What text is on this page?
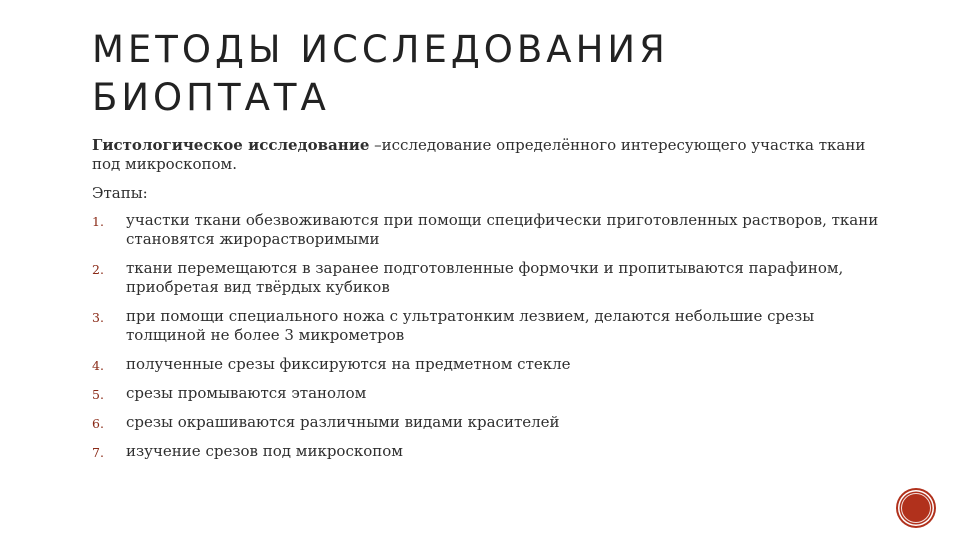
МЕТОДЫ ИССЛЕДОВАНИЯ
БИОПТАТА

Гистологическое исследование –исследование определённого интересующего участка ткани под микроскопом.

Этапы:

1. участки ткани обезвоживаются при помощи специфически приготовленных растворов, ткани становятся жирорастворимыми
2. ткани перемещаются в заранее подготовленные формочки и пропитываются парафином, приобретая вид твёрдых кубиков
3. при помощи специального ножа с ультратонким лезвием, делаются небольшие срезы толщиной не более 3 микрометров
4. полученные срезы фиксируются на предметном стекле
5. срезы промываются этанолом
6. срезы окрашиваются различными видами красителей
7. изучение срезов под микроскопом
